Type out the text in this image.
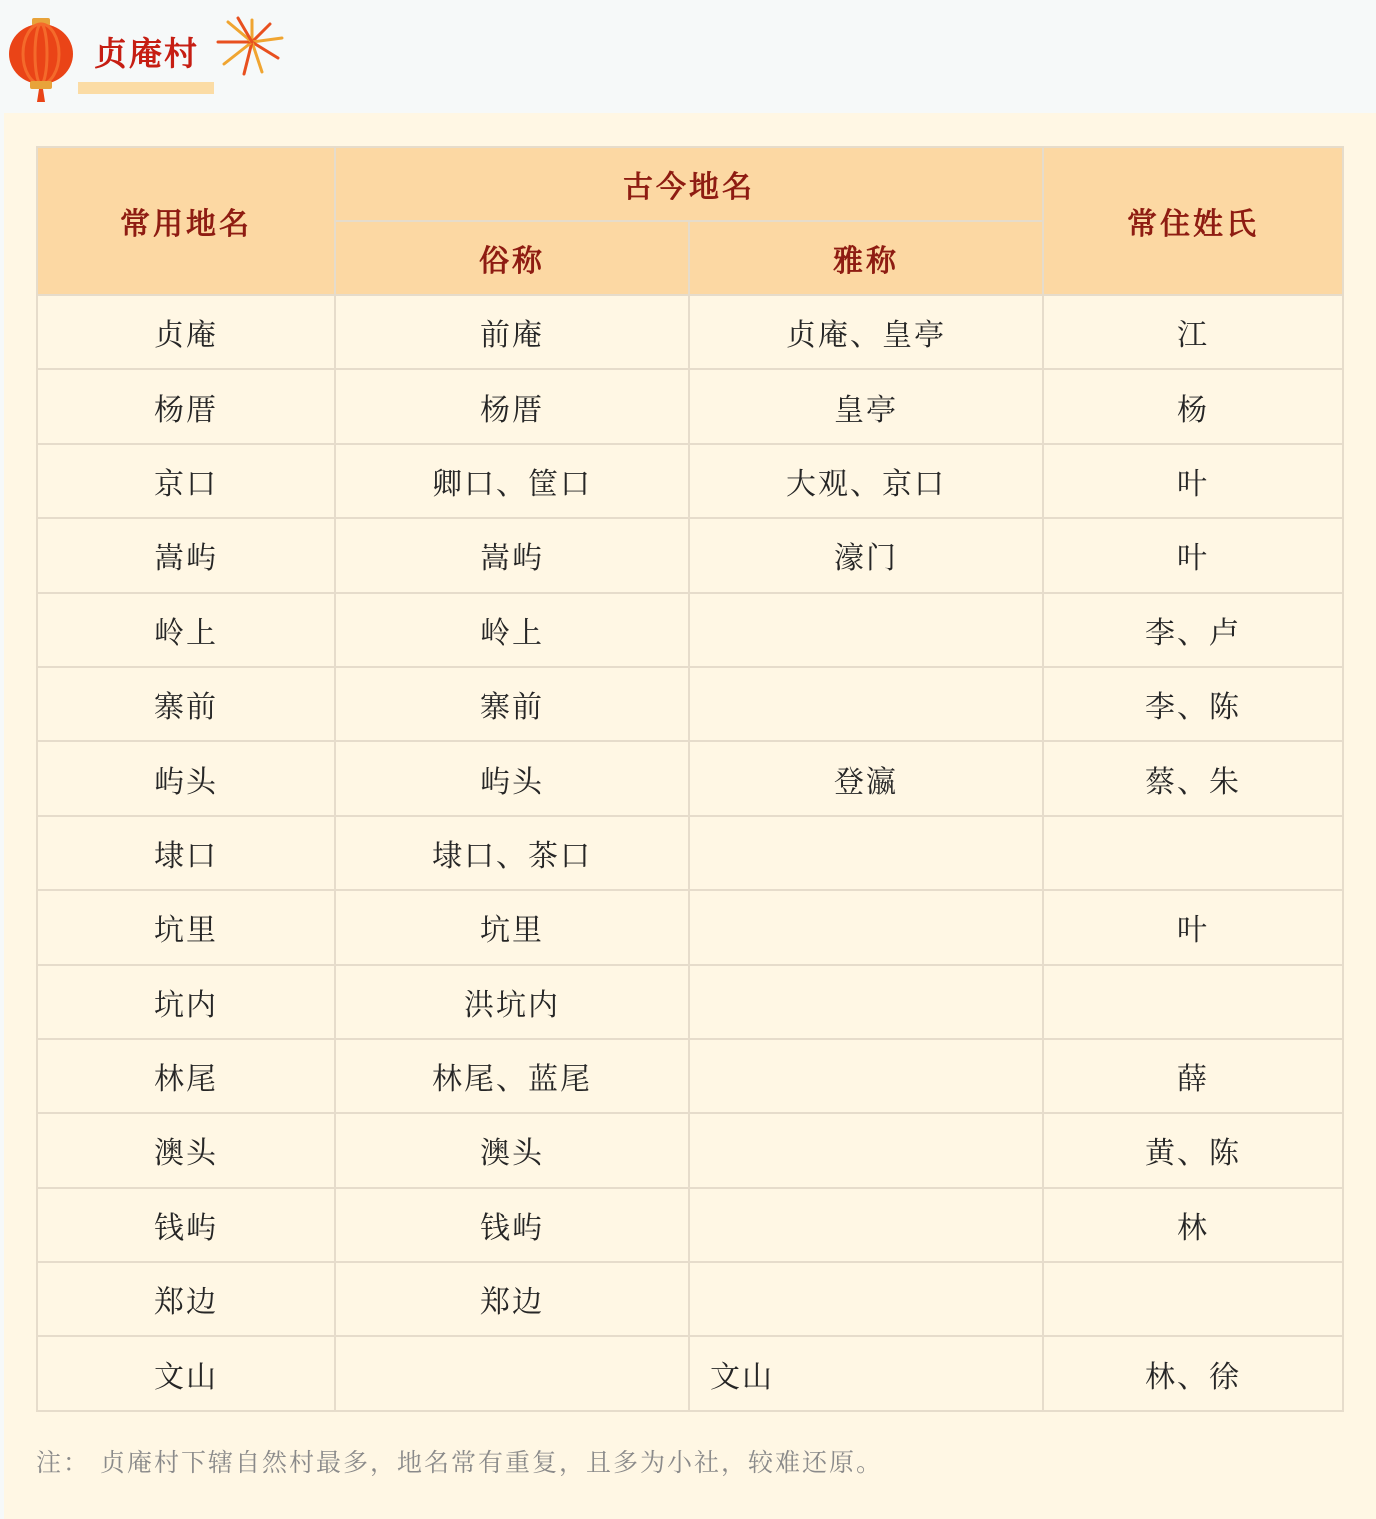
贞庵村
常用地名	古今地名		常住姓氏
	俗称	雅称	
贞庵	前庵	贞庵、皇亭	江
杨厝	杨厝	皇亭	杨
京口	卿口、筐口	大观、京口	叶
嵩屿	嵩屿	濠门	叶
岭上	岭上		李、卢
寨前	寨前		李、陈
屿头	屿头	登瀛	蔡、朱
埭口	埭口、茶口		
坑里	坑里		叶
坑内	洪坑内		
林尾	林尾、蓝尾		薛
澳头	澳头		黄、陈
钱屿	钱屿		林
郑边	郑边		
文山		文山	林、徐
注： 贞庵村下辖自然村最多，地名常有重复，且多为小社，较难还原。
